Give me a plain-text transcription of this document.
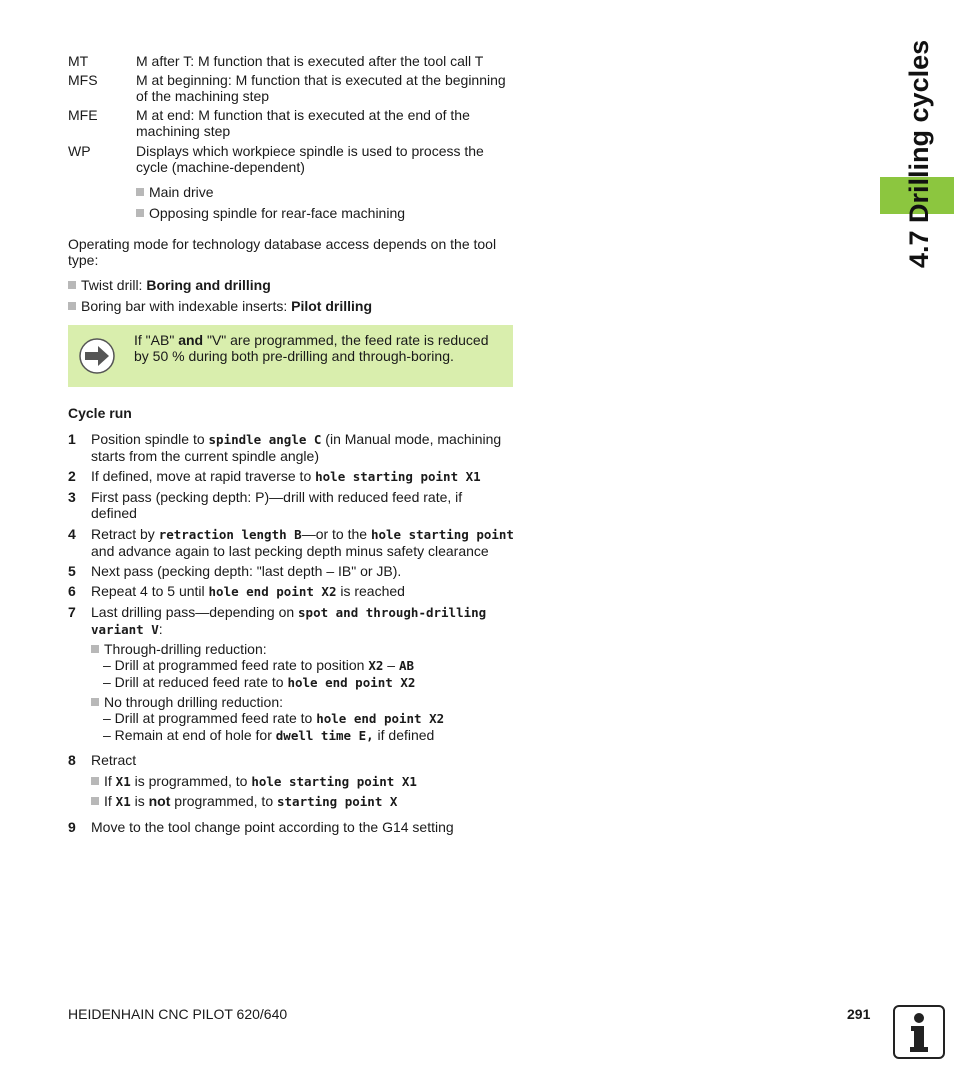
MT	M after T: M function that is executed after the tool call T
MFS	M at beginning: M function that is executed at the beginning of the machining step
MFE	M at end: M function that is executed at the end of the machining step
WP	Displays which workpiece spindle is used to process the cycle (machine-dependent)
Main drive
Opposing spindle for rear-face machining
Operating mode for technology database access depends on the tool type:
Twist drill: Boring and drilling
Boring bar with indexable inserts: Pilot drilling
If "AB" and "V" are programmed, the feed rate is reduced by 50 % during both pre-drilling and through-boring.
Cycle run
1	Position spindle to spindle angle C (in Manual mode, machining starts from the current spindle angle)
2	If defined, move at rapid traverse to hole starting point X1
3	First pass (pecking depth: P)—drill with reduced feed rate, if defined
4	Retract by retraction length B—or to the hole starting point and advance again to last pecking depth minus safety clearance
5	Next pass (pecking depth: "last depth – IB" or JB).
6	Repeat 4 to 5 until hole end point X2 is reached
7	Last drilling pass—depending on spot and through-drilling variant V:
Through-drilling reduction:
– Drill at programmed feed rate to position X2 – AB
– Drill at reduced feed rate to hole end point X2
No through drilling reduction:
– Drill at programmed feed rate to hole end point X2
– Remain at end of hole for dwell time E, if defined
8	Retract
If X1 is programmed, to hole starting point X1
If X1 is not programmed, to starting point X
9	Move to the tool change point according to the G14 setting
4.7 Drilling cycles
HEIDENHAIN CNC PILOT 620/640	291
